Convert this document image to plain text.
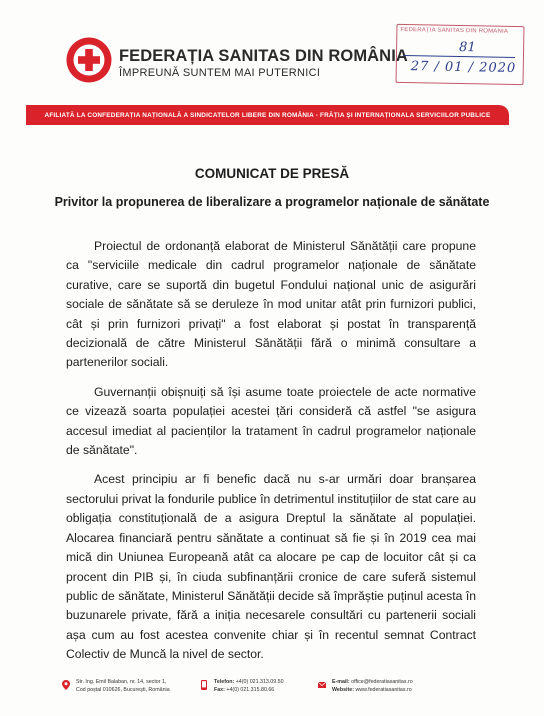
FEDERAȚIA SANITAS DIN ROMÂNIA
ÎMPREUNĂ SUNTEM MAI PUTERNICI
FEDERAȚIA SANITAS DIN ROMÂNIA
81
27 / 01 / 2020
AFILIATĂ LA CONFEDERAȚIA NAȚIONALĂ A SINDICATELOR LIBERE DIN ROMÂNIA - FRĂȚIA ȘI INTERNAȚIONALA SERVICIILOR PUBLICE
COMUNICAT DE PRESĂ
Privitor la propunerea de liberalizare a programelor naționale de sănătate

Proiectul de ordonanță elaborat de Ministerul Sănătății care propune ca "serviciile medicale din cadrul programelor naționale de sănătate curative, care se suportă din bugetul Fondului național unic de asigurări sociale de sănătate să se deruleze în mod unitar atât prin furnizori publici, cât și prin furnizori privați" a fost elaborat și postat în transparență decizională de către Ministerul Sănătății fără o minimă consultare a partenerilor sociali.

Guvernanții obișnuiți să își asume toate proiectele de acte normative ce vizează soarta populației acestei țări consideră că astfel "se asigura accesul imediat al pacienților la tratament în cadrul programelor naționale de sănătate".

Acest principiu ar fi benefic dacă nu s-ar urmări doar branșarea sectorului privat la fondurile publice în detrimentul instituțiilor de stat care au obligația constituțională de a asigura Dreptul la sănătate al populației. Alocarea financiară pentru sănătate a continuat să fie și în 2019 cea mai mică din Uniunea Europeană atât ca alocare pe cap de locuitor cât și ca procent din PIB și, în ciuda subfinanțării cronice de care suferă sistemul public de sănătate, Ministerul Sănătății decide să împrăștie puținul acesta în buzunarele private, fără a iniția necesarele consultări cu partenerii sociali așa cum au fost acestea convenite chiar și în recentul semnat Contract Colectiv de Muncă la nivel de sector.

Str. Ing. Emil Balaban, nr. 14, sector 1,
Cod poștal 010626, București, România
Telefon: +4(0) 021.313.09.50
Fax: +4(0) 021.315.80.66
E-mail: office@federatiasanitas.ro
Website: www.federatiasanitas.ro
